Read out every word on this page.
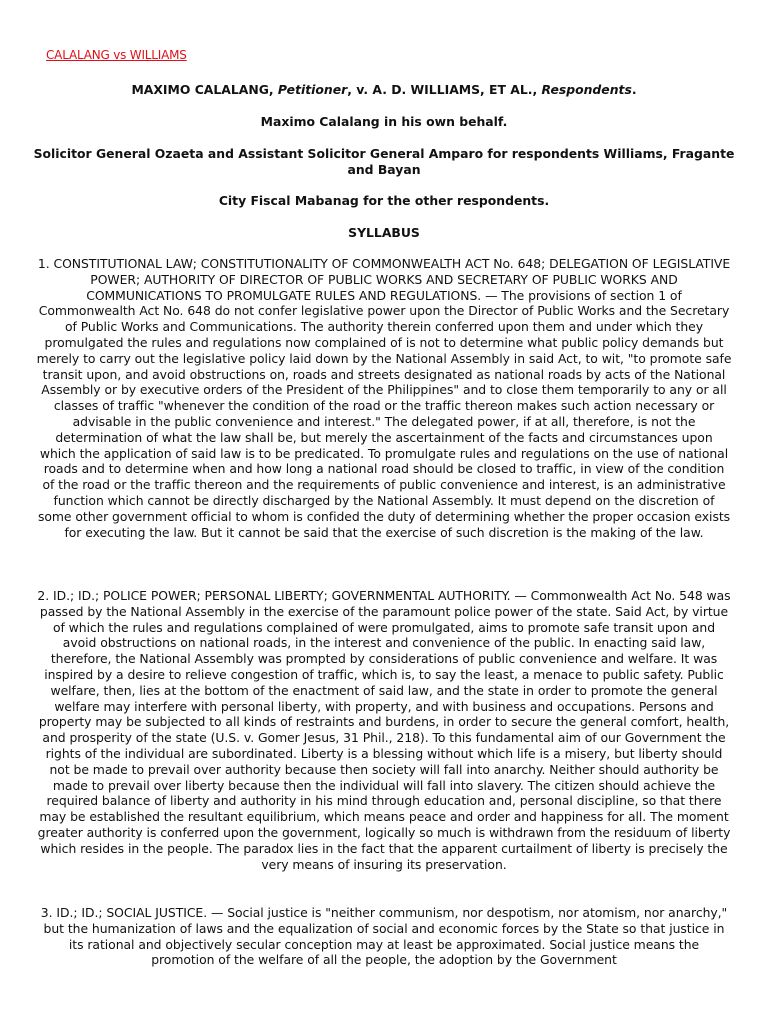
CALALANG vs WILLIAMS
MAXIMO CALALANG, Petitioner, v. A. D. WILLIAMS, ET AL., Respondents.
Maximo Calalang in his own behalf.
Solicitor General Ozaeta and Assistant Solicitor General Amparo for respondents Williams, Fragante and Bayan
City Fiscal Mabanag for the other respondents.
SYLLABUS

1. CONSTITUTIONAL LAW; CONSTITUTIONALITY OF COMMONWEALTH ACT No. 648; DELEGATION OF LEGISLATIVE POWER; AUTHORITY OF DIRECTOR OF PUBLIC WORKS AND SECRETARY OF PUBLIC WORKS AND COMMUNICATIONS TO PROMULGATE RULES AND REGULATIONS. — The provisions of section 1 of Commonwealth Act No. 648 do not confer legislative power upon the Director of Public Works and the Secretary of Public Works and Communications. The authority therein conferred upon them and under which they promulgated the rules and regulations now complained of is not to determine what public policy demands but merely to carry out the legislative policy laid down by the National Assembly in said Act, to wit, "to promote safe transit upon, and avoid obstructions on, roads and streets designated as national roads by acts of the National Assembly or by executive orders of the President of the Philippines" and to close them temporarily to any or all classes of traffic "whenever the condition of the road or the traffic thereon makes such action necessary or advisable in the public convenience and interest." The delegated power, if at all, therefore, is not the determination of what the law shall be, but merely the ascertainment of the facts and circumstances upon which the application of said law is to be predicated. To promulgate rules and regulations on the use of national roads and to determine when and how long a national road should be closed to traffic, in view of the condition of the road or the traffic thereon and the requirements of public convenience and interest, is an administrative function which cannot be directly discharged by the National Assembly. It must depend on the discretion of some other government official to whom is confided the duty of determining whether the proper occasion exists for executing the law. But it cannot be said that the exercise of such discretion is the making of the law.

2. ID.; ID.; POLICE POWER; PERSONAL LIBERTY; GOVERNMENTAL AUTHORITY. — Commonwealth Act No. 548 was passed by the National Assembly in the exercise of the paramount police power of the state. Said Act, by virtue of which the rules and regulations complained of were promulgated, aims to promote safe transit upon and avoid obstructions on national roads, in the interest and convenience of the public. In enacting said law, therefore, the National Assembly was prompted by considerations of public convenience and welfare. It was inspired by a desire to relieve congestion of traffic, which is, to say the least, a menace to public safety. Public welfare, then, lies at the bottom of the enactment of said law, and the state in order to promote the general welfare may interfere with personal liberty, with property, and with business and occupations. Persons and property may be subjected to all kinds of restraints and burdens, in order to secure the general comfort, health, and prosperity of the state (U.S. v. Gomer Jesus, 31 Phil., 218). To this fundamental aim of our Government the rights of the individual are subordinated. Liberty is a blessing without which life is a misery, but liberty should not be made to prevail over authority because then society will fall into anarchy. Neither should authority be made to prevail over liberty because then the individual will fall into slavery. The citizen should achieve the required balance of liberty and authority in his mind through education and, personal discipline, so that there may be established the resultant equilibrium, which means peace and order and happiness for all. The moment greater authority is conferred upon the government, logically so much is withdrawn from the residuum of liberty which resides in the people. The paradox lies in the fact that the apparent curtailment of liberty is precisely the very means of insuring its preservation.

3. ID.; ID.; SOCIAL JUSTICE. — Social justice is "neither communism, nor despotism, nor atomism, nor anarchy," but the humanization of laws and the equalization of social and economic forces by the State so that justice in its rational and objectively secular conception may at least be approximated. Social justice means the promotion of the welfare of all the people, the adoption by the Government
